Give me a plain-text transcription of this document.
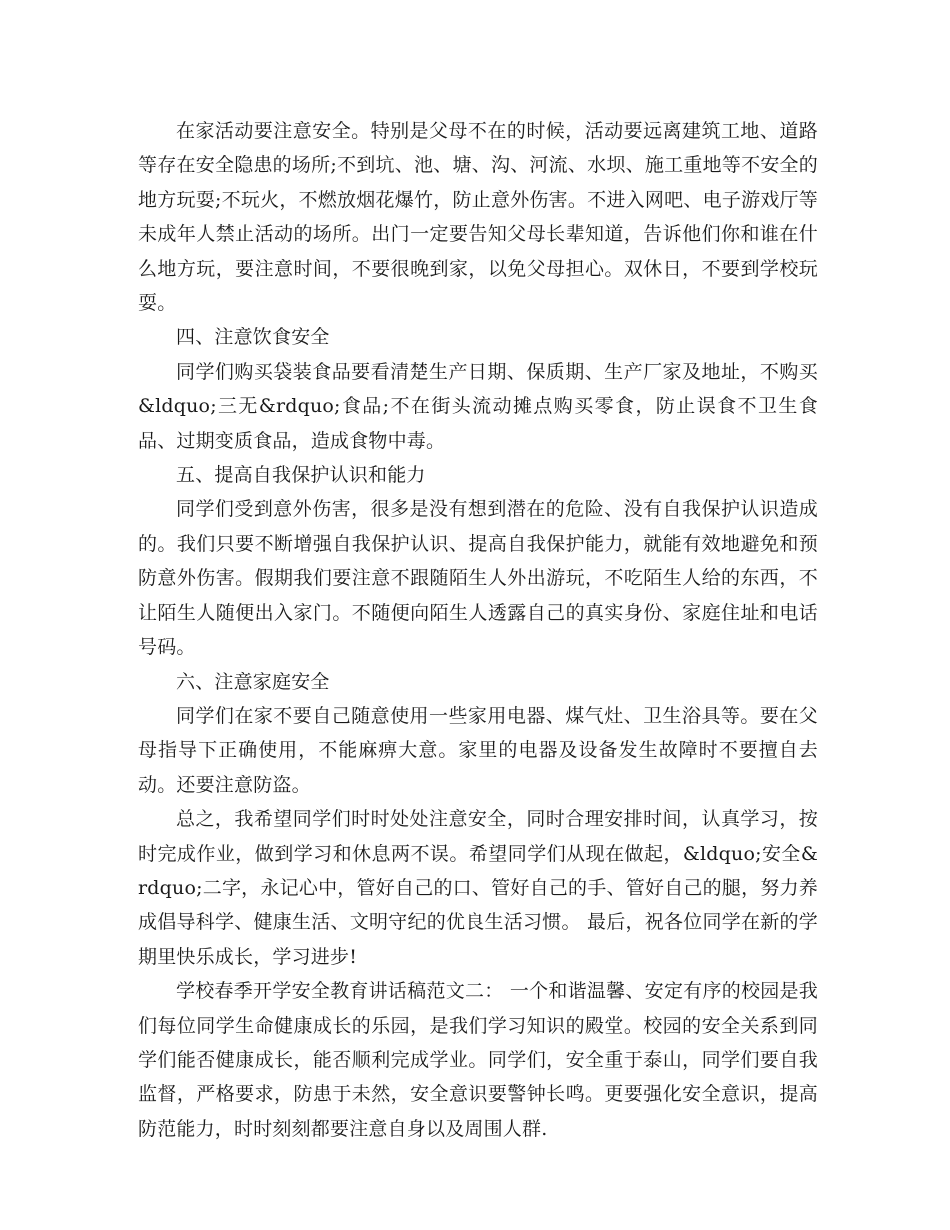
在家活动要注意安全。特别是父母不在的时候，活动要远离建筑工地、道路等存在安全隐患的场所;不到坑、池、塘、沟、河流、水坝、施工重地等不安全的地方玩耍;不玩火，不燃放烟花爆竹，防止意外伤害。不进入网吧、电子游戏厅等未成年人禁止活动的场所。出门一定要告知父母长辈知道，告诉他们你和谁在什么地方玩，要注意时间，不要很晚到家，以免父母担心。双休日，不要到学校玩耍。

四、注意饮食安全

同学们购买袋装食品要看清楚生产日期、保质期、生产厂家及地址，不购买&ldquo;三无&rdquo;食品;不在街头流动摊点购买零食，防止误食不卫生食品、过期变质食品，造成食物中毒。

五、提高自我保护认识和能力

同学们受到意外伤害，很多是没有想到潜在的危险、没有自我保护认识造成的。我们只要不断增强自我保护认识、提高自我保护能力，就能有效地避免和预防意外伤害。假期我们要注意不跟随陌生人外出游玩，不吃陌生人给的东西，不让陌生人随便出入家门。不随便向陌生人透露自己的真实身份、家庭住址和电话号码。

六、注意家庭安全

同学们在家不要自己随意使用一些家用电器、煤气灶、卫生浴具等。要在父母指导下正确使用，不能麻痹大意。家里的电器及设备发生故障时不要擅自去动。还要注意防盗。

总之，我希望同学们时时处处注意安全，同时合理安排时间，认真学习，按时完成作业，做到学习和休息两不误。希望同学们从现在做起，&ldquo;安全&rdquo;二字，永记心中，管好自己的口、管好自己的手、管好自己的腿，努力养成倡导科学、健康生活、文明守纪的优良生活习惯。 最后，祝各位同学在新的学期里快乐成长，学习进步!

学校春季开学安全教育讲话稿范文二： 一个和谐温馨、安定有序的校园是我们每位同学生命健康成长的乐园，是我们学习知识的殿堂。校园的安全关系到同学们能否健康成长，能否顺利完成学业。同学们，安全重于泰山，同学们要自我监督，严格要求，防患于未然，安全意识要警钟长鸣。更要强化安全意识，提高防范能力，时时刻刻都要注意自身以及周围人群.
